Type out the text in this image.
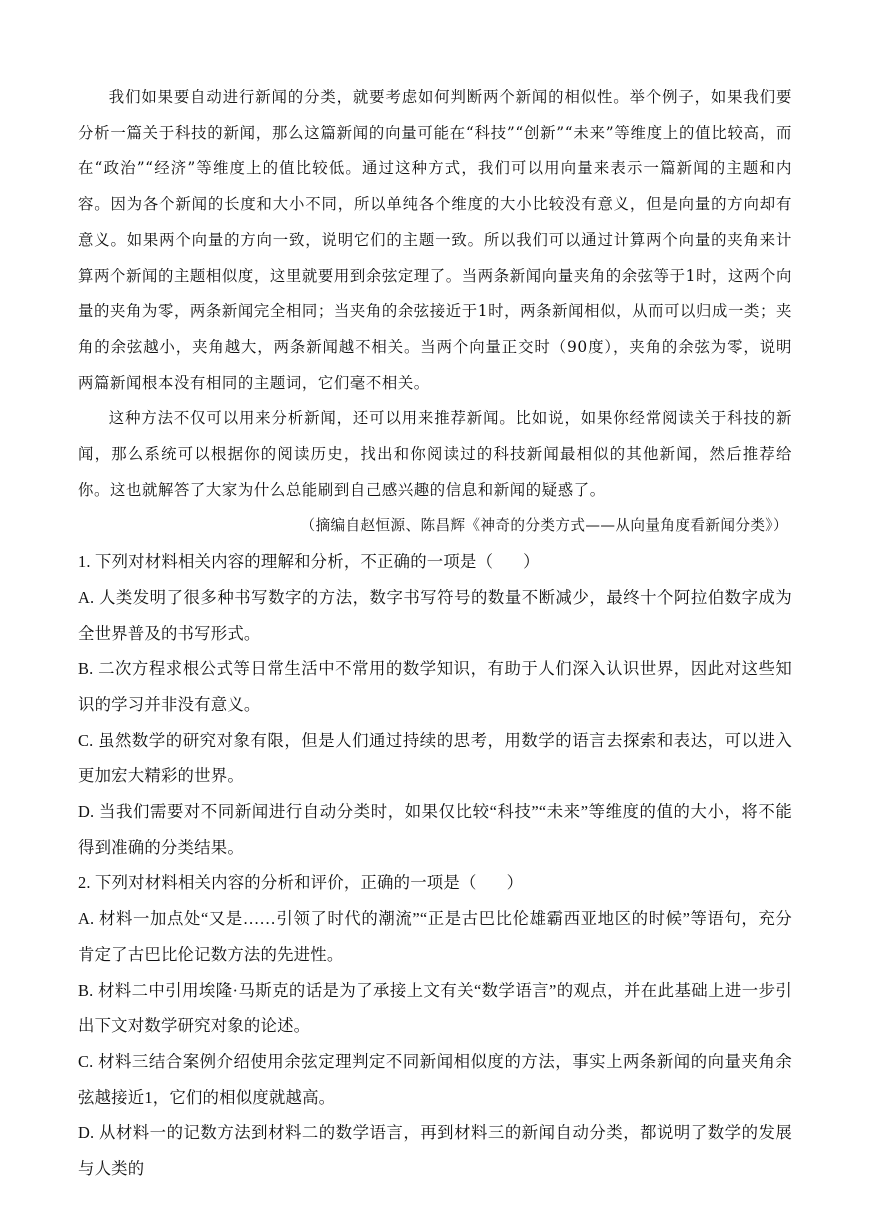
我们如果要自动进行新闻的分类，就要考虑如何判断两个新闻的相似性。举个例子，如果我们要分析一篇关于科技的新闻，那么这篇新闻的向量可能在“科技”“创新”“未来”等维度上的值比较高，而在“政治”“经济”等维度上的值比较低。通过这种方式，我们可以用向量来表示一篇新闻的主题和内容。因为各个新闻的长度和大小不同，所以单纯各个维度的大小比较没有意义，但是向量的方向却有意义。如果两个向量的方向一致，说明它们的主题一致。所以我们可以通过计算两个向量的夹角来计算两个新闻的主题相似度，这里就要用到余弦定理了。当两条新闻向量夹角的余弦等于1时，这两个向量的夹角为零，两条新闻完全相同；当夹角的余弦接近于1时，两条新闻相似，从而可以归成一类；夹角的余弦越小，夹角越大，两条新闻越不相关。当两个向量正交时（90度），夹角的余弦为零，说明两篇新闻根本没有相同的主题词，它们毫不相关。

这种方法不仅可以用来分析新闻，还可以用来推荐新闻。比如说，如果你经常阅读关于科技的新闻，那么系统可以根据你的阅读历史，找出和你阅读过的科技新闻最相似的其他新闻，然后推荐给你。这也就解答了大家为什么总能刷到自己感兴趣的信息和新闻的疑惑了。

（摘编自赵恒源、陈昌辉《神奇的分类方式——从向量角度看新闻分类》）

1. 下列对材料相关内容的理解和分析，不正确的一项是（ ）

A. 人类发明了很多种书写数字的方法，数字书写符号的数量不断减少，最终十个阿拉伯数字成为全世界普及的书写形式。

B. 二次方程求根公式等日常生活中不常用的数学知识，有助于人们深入认识世界，因此对这些知识的学习并非没有意义。

C. 虽然数学的研究对象有限，但是人们通过持续的思考，用数学的语言去探索和表达，可以进入更加宏大精彩的世界。

D. 当我们需要对不同新闻进行自动分类时，如果仅比较“科技”“未来”等维度的值的大小，将不能得到准确的分类结果。

2. 下列对材料相关内容的分析和评价，正确的一项是（ ）

A. 材料一加点处“又是……引领了时代的潮流”“正是古巴比伦雄霸西亚地区的时候”等语句，充分肯定了古巴比伦记数方法的先进性。

B. 材料二中引用埃隆·马斯克的话是为了承接上文有关“数学语言”的观点，并在此基础上进一步引出下文对数学研究对象的论述。

C. 材料三结合案例介绍使用余弦定理判定不同新闻相似度的方法，事实上两条新闻的向量夹角余弦越接近1，它们的相似度就越高。

D. 从材料一的记数方法到材料二的数学语言，再到材料三的新闻自动分类，都说明了数学的发展与人类的
